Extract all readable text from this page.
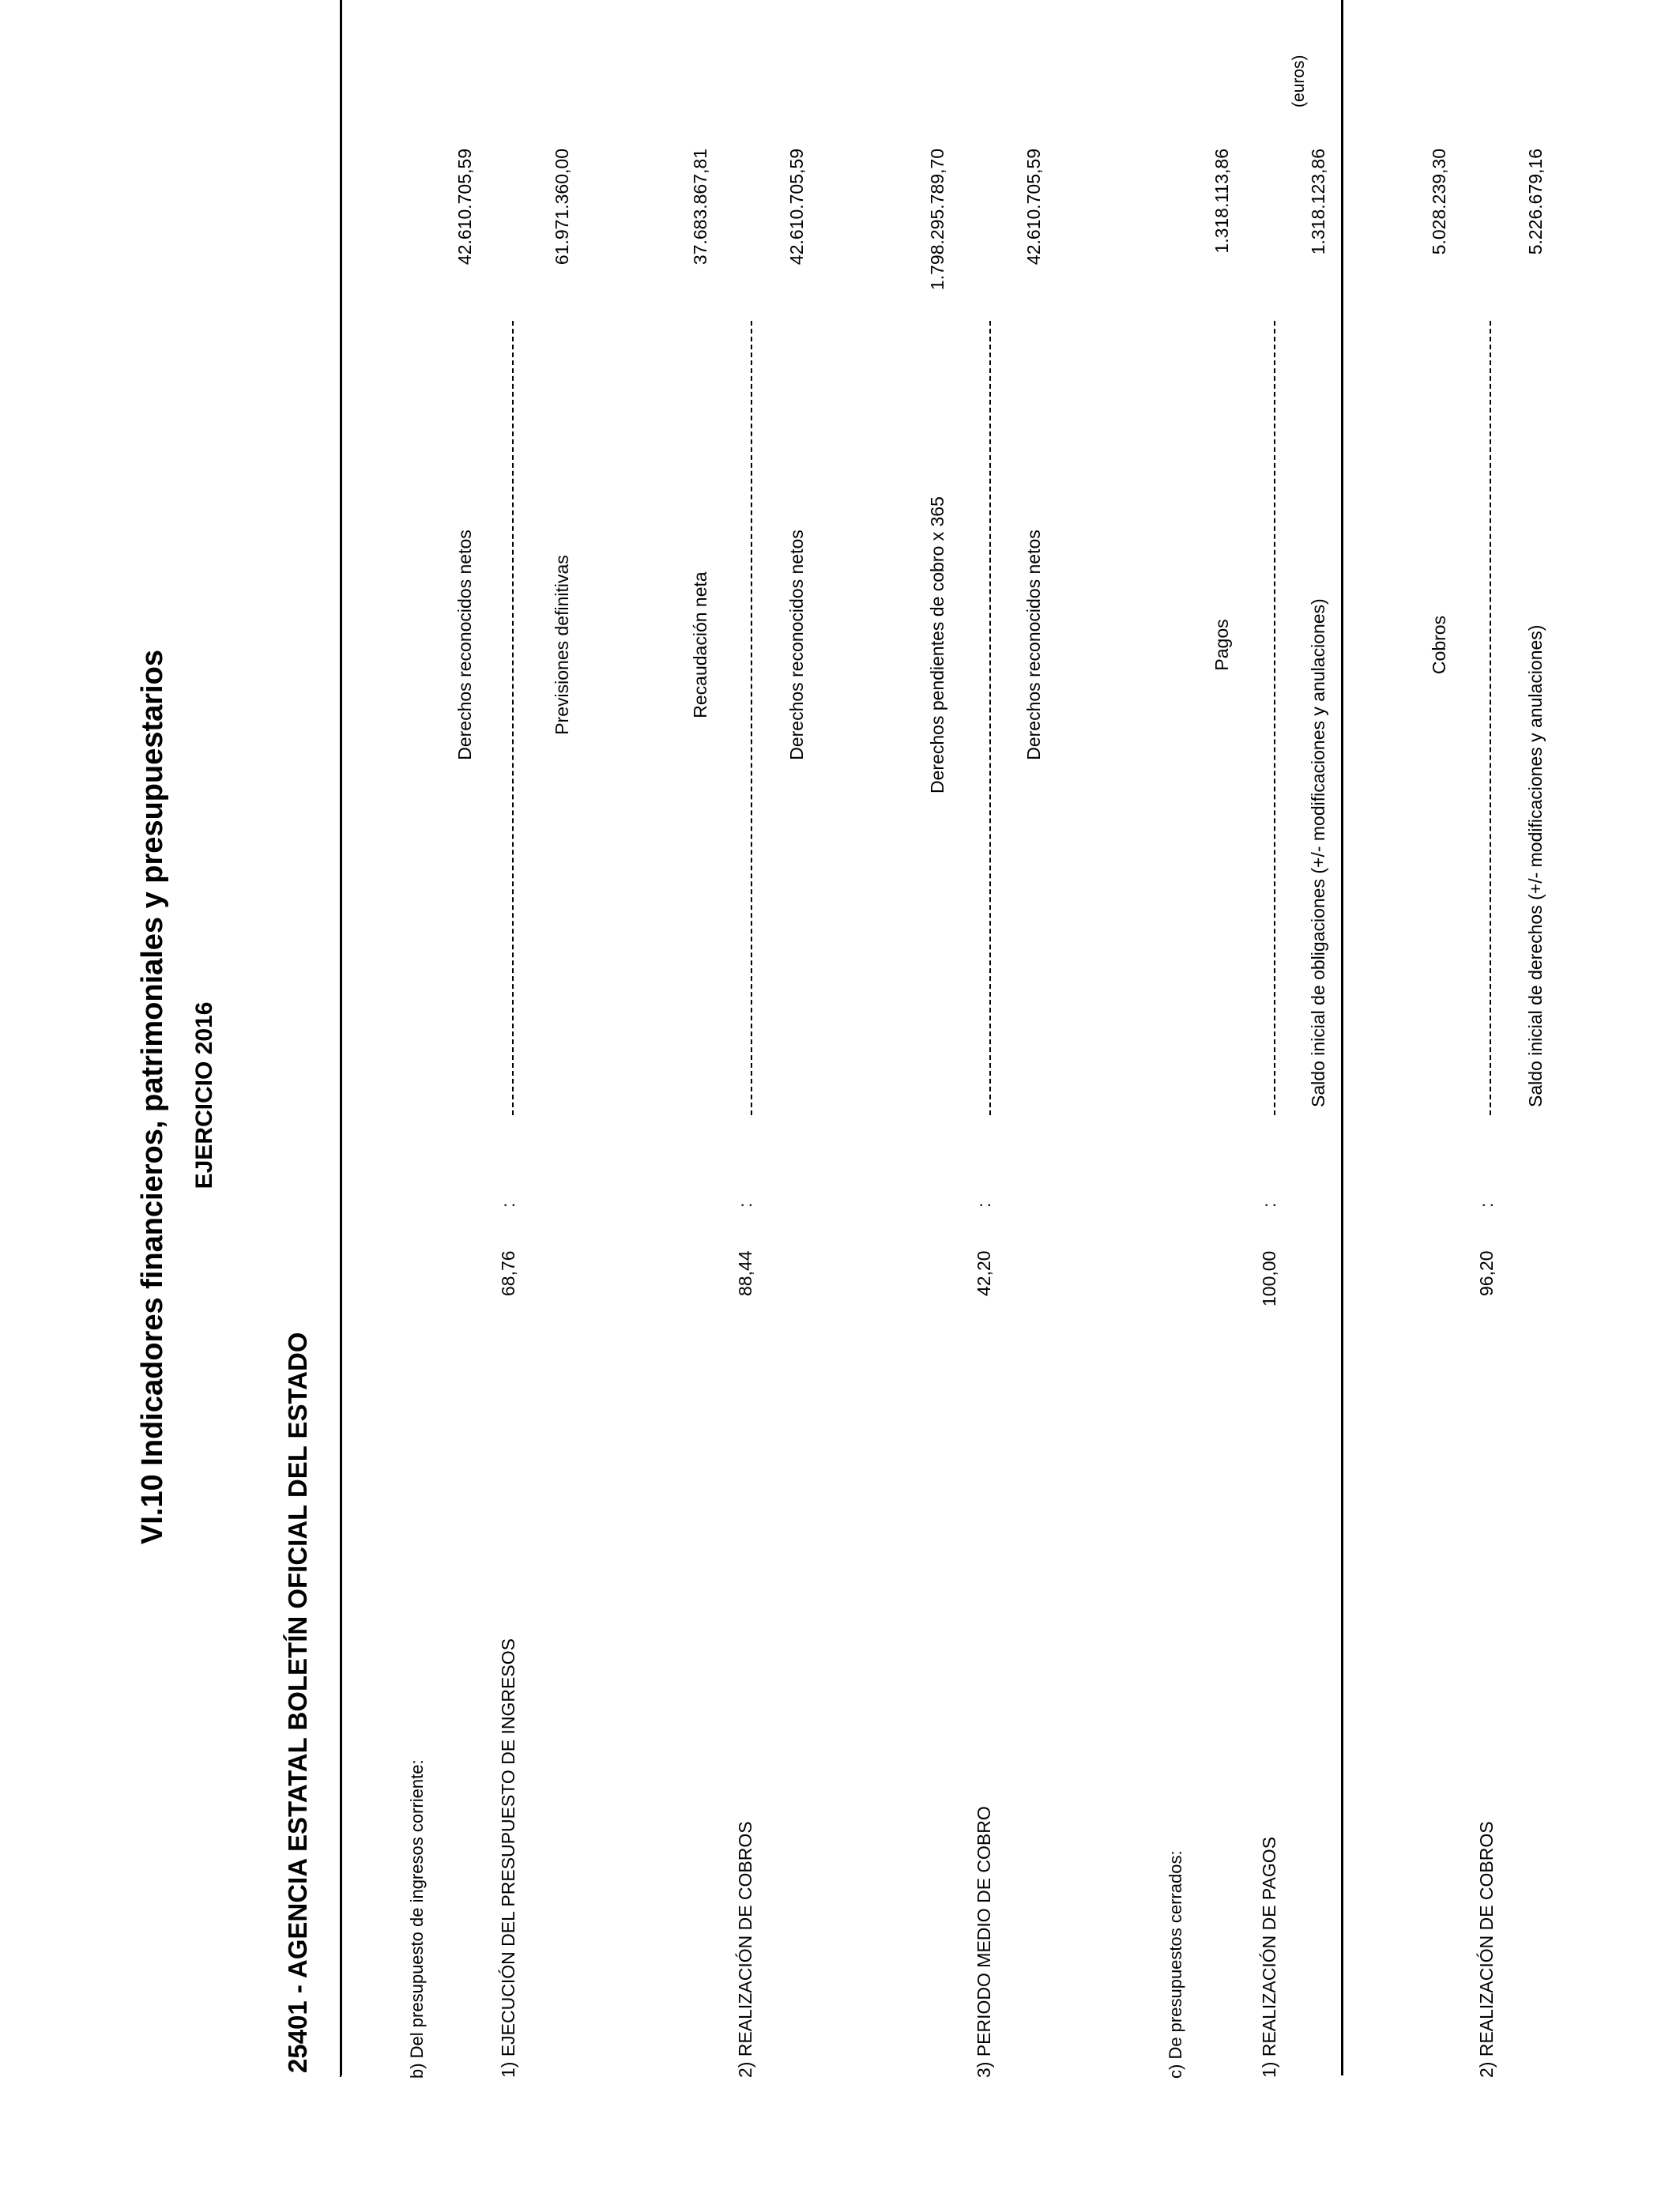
VI.10 Indicadores financieros, patrimoniales y presupuestarios EJERCICIO 2016
25401 - AGENCIA ESTATAL BOLETÍN OFICIAL DEL ESTADO
(euros)
b) Del presupuesto de ingresos corriente:	1) EJECUCIÓN DEL PRESUPUESTO DE INGRESOS
68,76
:
Derechos reconocidos netos	Previsiones definitivas
42.610.705,59	61.971.360,00
2) REALIZACIÓN DE COBROS
88,44
:
Recaudación neta	Derechos reconocidos netos
37.683.867,81	42.610.705,59
3) PERIODO MEDIO DE COBRO
42,20
:
Derechos pendientes de cobro x 365	Derechos reconocidos netos
1.798.295.789,70	42.610.705,59
c) De presupuestos cerrados:	1) REALIZACIÓN DE PAGOS
100,00
:
Pagos	Saldo inicial de obligaciones (+/- modificaciones y anulaciones)
1.318.113,86	1.318.123,86
2) REALIZACIÓN DE COBROS
96,20
:
Cobros	Saldo inicial de derechos (+/- modificaciones y anulaciones)
5.028.239,30	5.226.679,16
